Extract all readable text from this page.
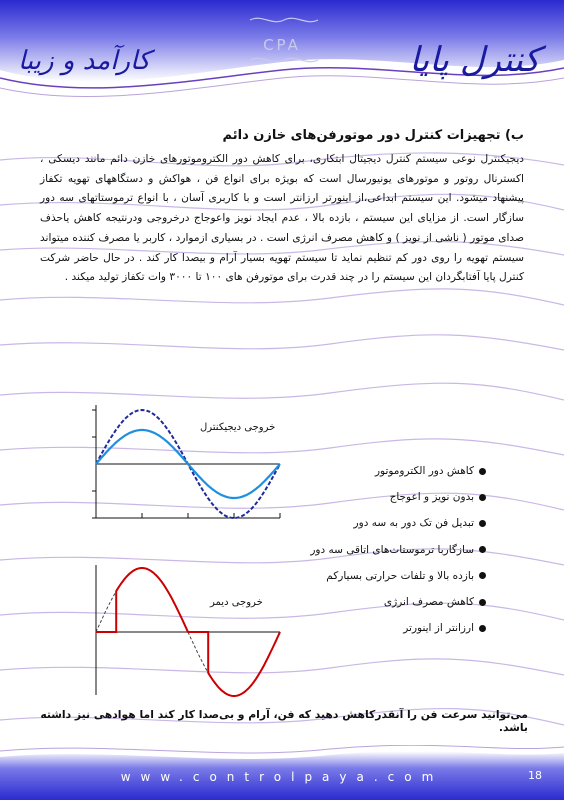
کارآمد و زیبا
CPA	کنترل پایا
ب) تجهیزات کنترل دور موتورفن‌های خازن دائم
دیجیکنترل نوعی سیستم کنترل دیجیتال ابتکاری، برای کاهش دور الکتروموتورهای خازن دائم مانند دیسکی ، اکسترنال روتور و موتورهای یونیورسال است که بویژه برای انواع فن ، هواکش و دستگاههای تهویه تکفاز پیشنهاد میشود. این سیستم ابداعی،از اینورتر ارزانتر است و با کاربری آسان ، با انواع ترموستاتهای سه دور سازگار است. از مزایای این سیستم ، بازده بالا ، عدم ایجاد نویز واعوجاج درخروجی ودرنتیجه کاهش یاحذف صدای موتور ( ناشی از نویز ) و کاهش مصرف انرژی است . در بسیاری ازموارد ، کاربر یا مصرف کننده میتواند سیستم تهویه را روی دور کم تنظیم نماید تا سیستم تهویه بسیار آرام و بیصدا کار کند . در حال حاضر شرکت کنترل پایا آفتابگردان این سیستم را در چند قدرت برای موتورفن های ۱۰۰ تا ۳۰۰۰ وات تکفاز تولید میکند .
خروجی دیجیکنترل
خروجی دیمر
کاهش دور الکتروموتور
بدون نویز و اعوجاج
تبدیل فن تک دور به سه دور
سازگاربا ترموستات‌های اتاقی سه دور
بازده بالا و تلفات حرارتی بسیارکم
کاهش مصرف انرژی
ارزانتر از اینورتر
می‌توانید سرعت فن را آنقدرکاهش دهید که فن، آرام و بی‌صدا کار کند اما هوادهی نیز داشته باشد.
www.controlpaya.com	18
